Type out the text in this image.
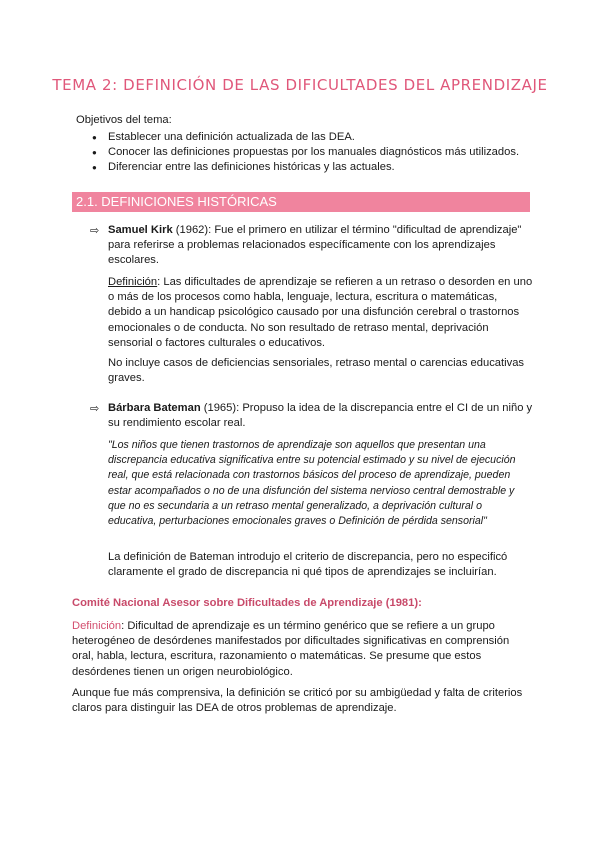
TEMA 2: DEFINICIÓN DE LAS DIFICULTADES DEL APRENDIZAJE
Objetivos del tema:
● Establecer una definición actualizada de las DEA.
● Conocer las definiciones propuestas por los manuales diagnósticos más utilizados.
● Diferenciar entre las definiciones históricas y las actuales.
2.1. DEFINICIONES HISTÓRICAS
⇨ Samuel Kirk (1962): Fue el primero en utilizar el término "dificultad de aprendizaje" para referirse a problemas relacionados específicamente con los aprendizajes escolares.
Definición: Las dificultades de aprendizaje se refieren a un retraso o desorden en uno o más de los procesos como habla, lenguaje, lectura, escritura o matemáticas, debido a un handicap psicológico causado por una disfunción cerebral o trastornos emocionales o de conducta. No son resultado de retraso mental, deprivación sensorial o factores culturales o educativos.
No incluye casos de deficiencias sensoriales, retraso mental o carencias educativas graves.
⇨ Bárbara Bateman (1965): Propuso la idea de la discrepancia entre el CI de un niño y su rendimiento escolar real.
"Los niños que tienen trastornos de aprendizaje son aquellos que presentan una discrepancia educativa significativa entre su potencial estimado y su nivel de ejecución real, que está relacionada con trastornos básicos del proceso de aprendizaje, pueden estar acompañados o no de una disfunción del sistema nervioso central demostrable y que no es secundaria a un retraso mental generalizado, a deprivación cultural o educativa, perturbaciones emocionales graves o Definición de pérdida sensorial"
La definición de Bateman introdujo el criterio de discrepancia, pero no especificó claramente el grado de discrepancia ni qué tipos de aprendizajes se incluirían.
Comité Nacional Asesor sobre Dificultades de Aprendizaje (1981):
Definición: Dificultad de aprendizaje es un término genérico que se refiere a un grupo heterogéneo de desórdenes manifestados por dificultades significativas en comprensión oral, habla, lectura, escritura, razonamiento o matemáticas. Se presume que estos desórdenes tienen un origen neurobiológico.
Aunque fue más comprensiva, la definición se criticó por su ambigüedad y falta de criterios claros para distinguir las DEA de otros problemas de aprendizaje.
